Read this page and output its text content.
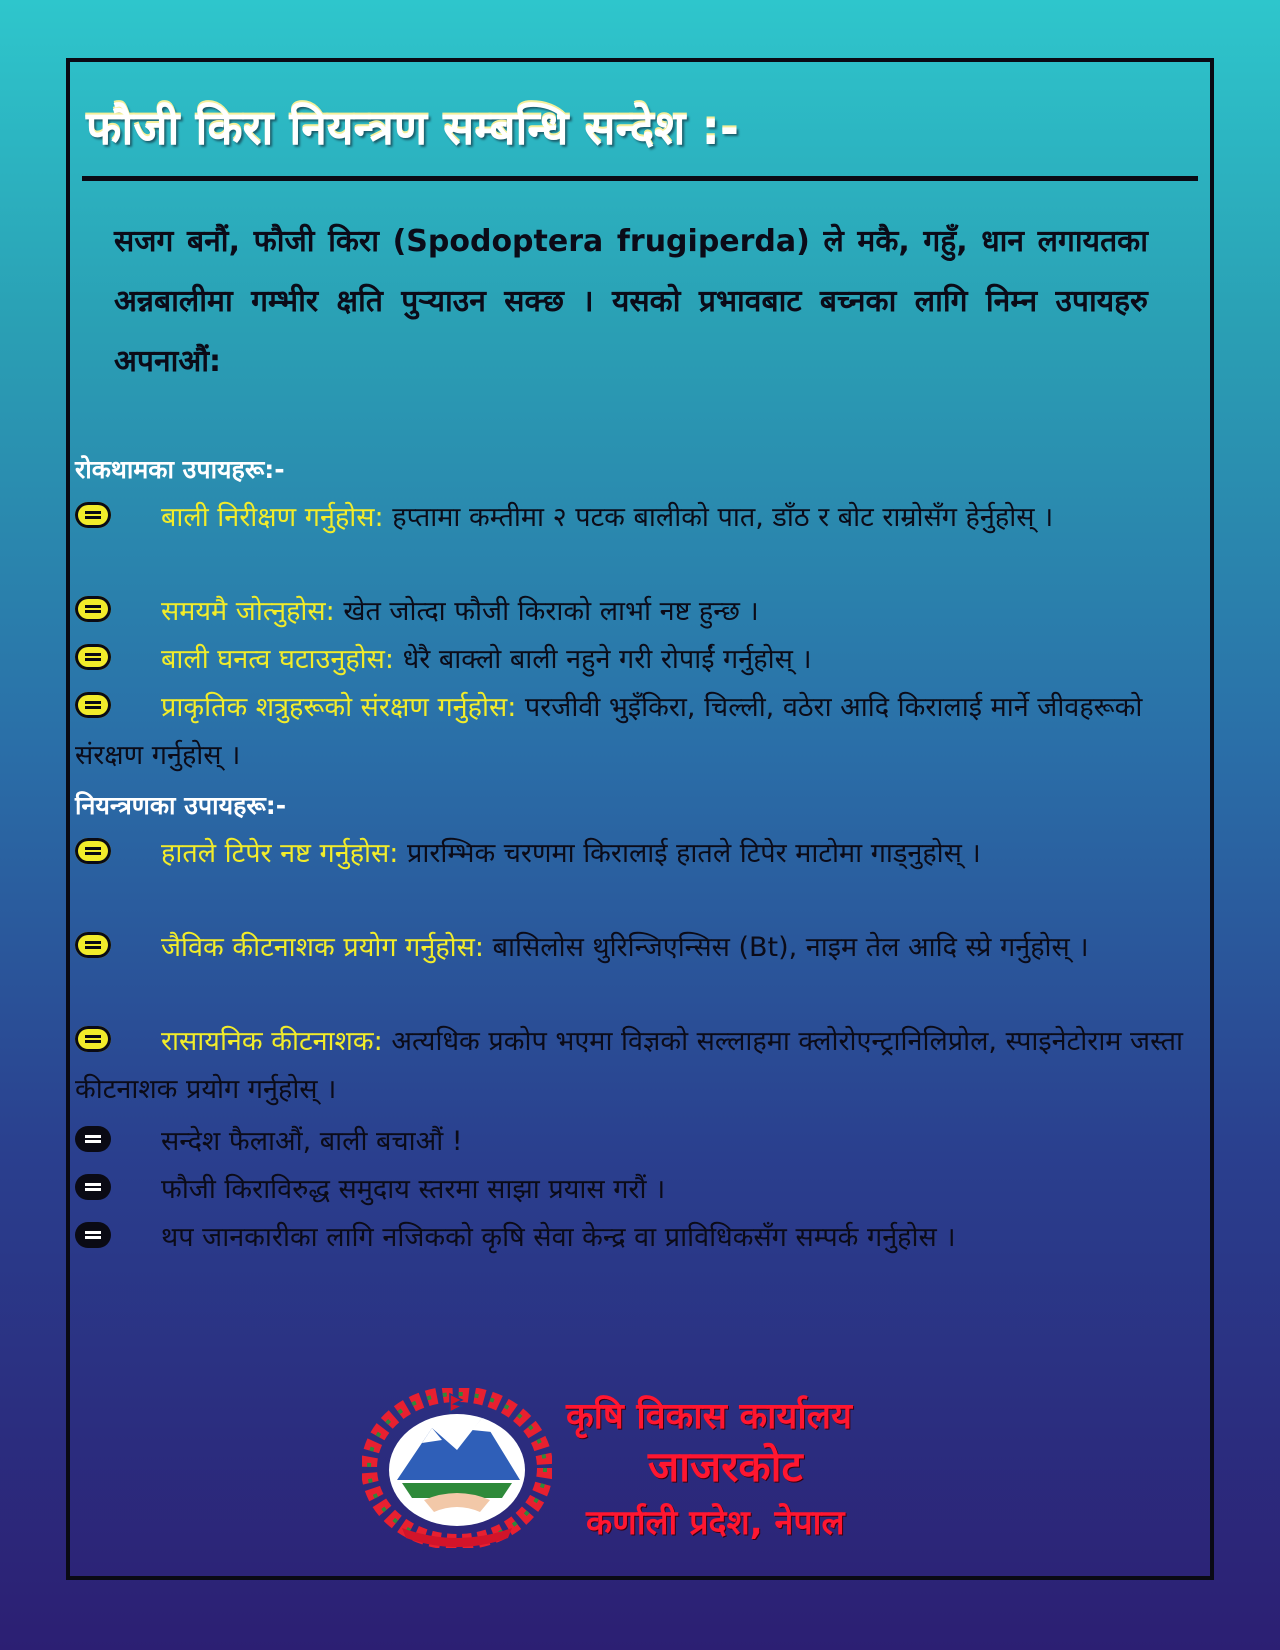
फौजी किरा नियन्त्रण सम्बन्धि सन्देश :-
सजग बनौं, फौजी किरा (Spodoptera frugiperda) ले मकै, गहुँ, धान लगायतका अन्नबालीमा गम्भीर क्षति पुर्‍याउन सक्छ । यसको प्रभावबाट बच्नका लागि निम्न उपायहरु अपनाऔं:
रोकथामका उपायहरू:-
बाली निरीक्षण गर्नुहोस: हप्तामा कम्तीमा २ पटक बालीको पात, डाँठ र बोट राम्रोसँग हेर्नुहोस् ।
समयमै जोत्नुहोस: खेत जोत्दा फौजी किराको लार्भा नष्ट हुन्छ ।
बाली घनत्व घटाउनुहोस: धेरै बाक्लो बाली नहुने गरी रोपाईं गर्नुहोस् ।
प्राकृतिक शत्रुहरूको संरक्षण गर्नुहोस: परजीवी भुइँकिरा, चिल्ली, वठेरा आदि किरालाई मार्ने जीवहरूको संरक्षण गर्नुहोस् ।
नियन्त्रणका उपायहरू:-
हातले टिपेर नष्ट गर्नुहोस: प्रारम्भिक चरणमा किरालाई हातले टिपेर माटोमा गाड्नुहोस् ।
जैविक कीटनाशक प्रयोग गर्नुहोस: बासिलोस थुरिन्जिएन्सिस (Bt), नाइम तेल आदि स्प्रे गर्नुहोस् ।
रासायनिक कीटनाशक: अत्यधिक प्रकोप भएमा विज्ञको सल्लाहमा क्लोरोएन्ट्रानिलिप्रोल, स्पाइनेटोराम जस्ता कीटनाशक प्रयोग गर्नुहोस् ।
सन्देश फैलाऔं, बाली बचाऔं !
फौजी किराविरुद्ध समुदाय स्तरमा साझा प्रयास गरौं ।
थप जानकारीका लागि नजिकको कृषि सेवा केन्द्र वा प्राविधिकसँग सम्पर्क गर्नुहोस ।
कृषि विकास कार्यालय
जाजरकोट
कर्णाली प्रदेश, नेपाल
